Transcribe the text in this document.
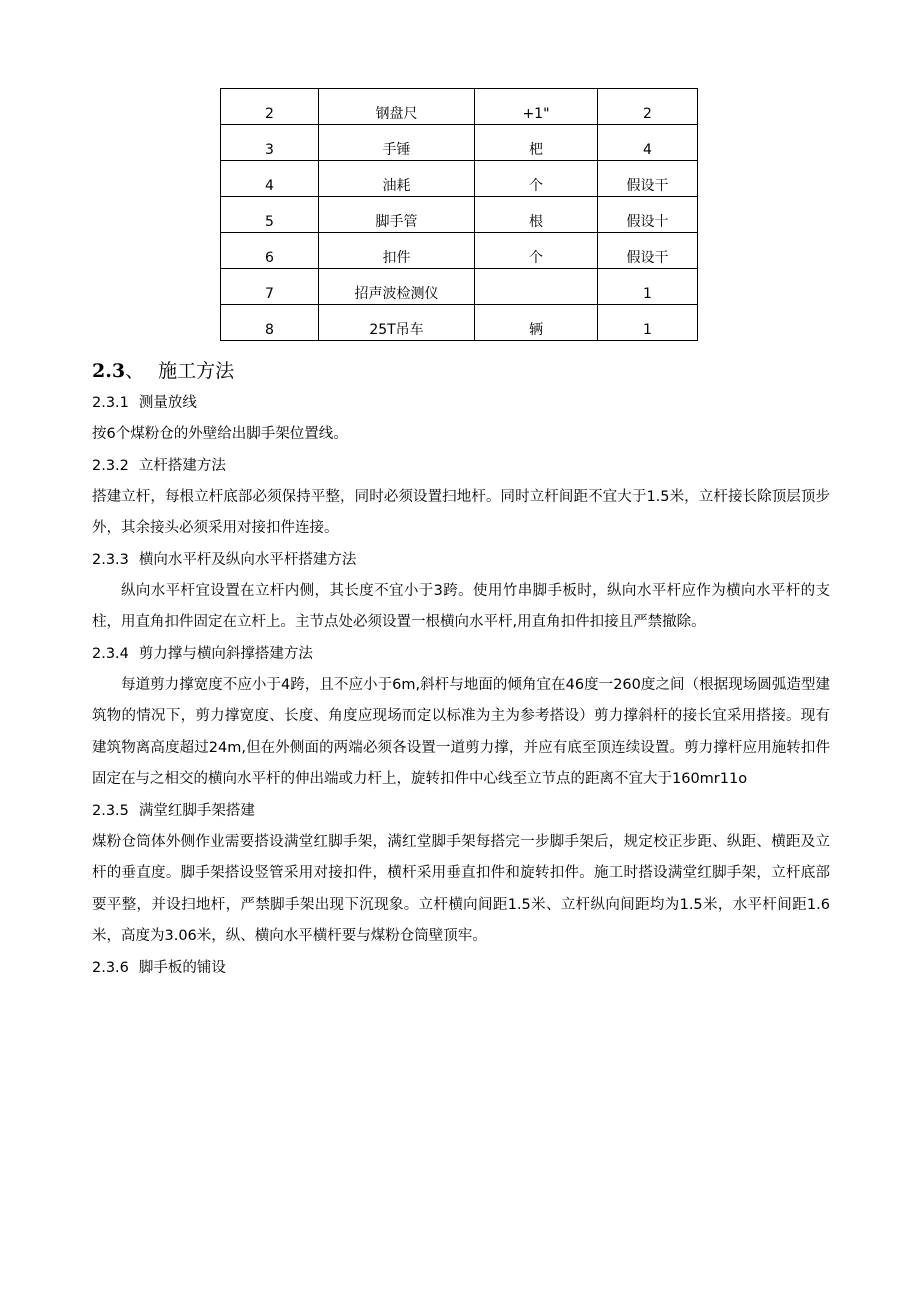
2	钢盘尺	+1"	2
3	手锤	杷	4
4	油耗	个	假设干
5	脚手管	根	假设十
6	扣件	个	假设干
7	招声波检测仪		1
8	25T吊车	辆	1
2.3、 施工方法
2.3.1 测量放线

按6个煤粉仓的外壁给出脚手架位置线。

2.3.2 立杆搭建方法

搭建立杆，每根立杆底部必须保持平整，同时必须设置扫地杆。同时立杆间距不宜大于1.5米，立杆接长除顶层顶步外，其余接头必须采用对接扣件连接。

2.3.3 横向水平杆及纵向水平杆搭建方法

纵向水平杆宜设置在立杆内侧，其长度不宜小于3跨。使用竹串脚手板时，纵向水平杆应作为横向水平杆的支柱，用直角扣件固定在立杆上。主节点处必须设置一根横向水平杆,用直角扣件扣接且严禁撤除。

2.3.4 剪力撑与横向斜撑搭建方法

每道剪力撑宽度不应小于4跨，且不应小于6m,斜杆与地面的倾角宜在46度一260度之间（根据现场圆弧造型建筑物的情况下，剪力撑宽度、长度、角度应现场而定以标准为主为参考搭设）剪力撑斜杆的接长宜采用搭接。现有建筑物离高度超过24m,但在外侧面的两端必须各设置一道剪力撑，并应有底至顶连续设置。剪力撑杆应用施转扣件固定在与之相交的横向水平杆的伸出端或力杆上，旋转扣件中心线至立节点的距离不宜大于160mr11o

2.3.5 满堂红脚手架搭建

煤粉仓筒体外侧作业需要搭设满堂红脚手架，满红堂脚手架每搭完一步脚手架后，规定校正步距、纵距、横距及立杆的垂直度。脚手架搭设竖管采用对接扣件，横杆采用垂直扣件和旋转扣件。施工时搭设满堂红脚手架，立杆底部要平整，并设扫地杆，严禁脚手架出现下沉现象。立杆横向间距1.5米、立杆纵向间距均为1.5米，水平杆间距1.6米，高度为3.06米，纵、横向水平横杆要与煤粉仓筒壁顶牢。

2.3.6 脚手板的铺设
